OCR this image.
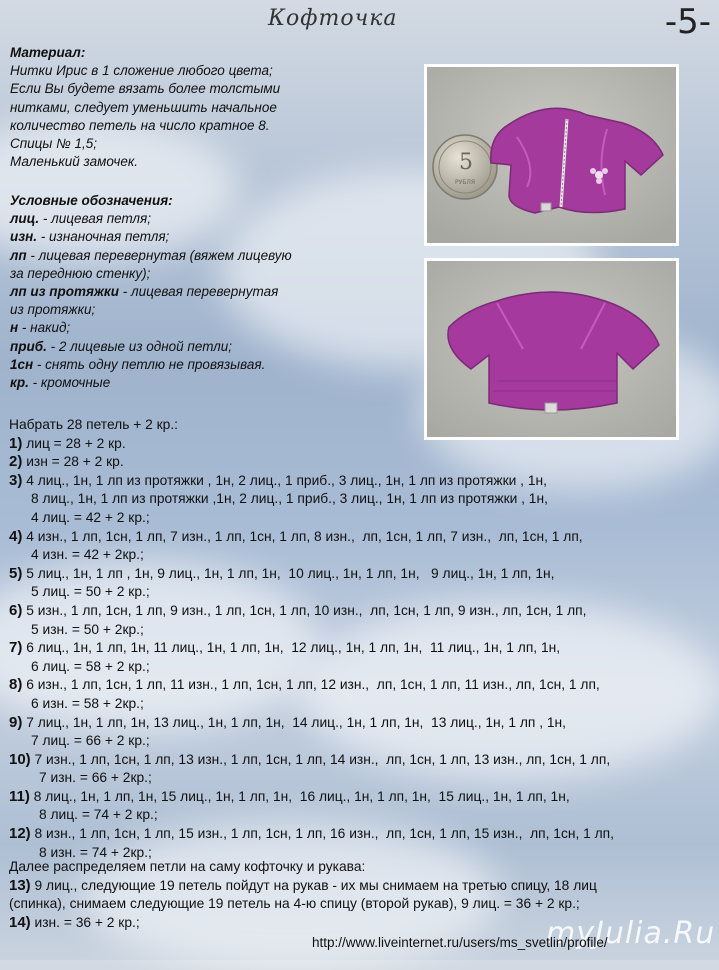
Кофточка	-5-
Материал:
Нитки Ирис в 1 сложение любого цвета;
Если Вы будете вязать более толстыми
нитками, следует уменьшить начальное
количество петель на число кратное 8.
Спицы № 1,5;
Маленький замочек.
Условные обозначения:
лиц. - лицевая петля;
изн. - изнаночная петля;
лп - лицевая перевернутая (вяжем лицевую
за переднюю стенку);
лп из протяжки - лицевая перевернутая
из протяжки;
н - накид;
приб. - 2 лицевые из одной петли;
1сн - снять одну петлю не провязывая.
кр. - кромочные
5
РУБЛЯ
Набрать 28 петель + 2 кр.:
1) лиц = 28 + 2 кр.
2) изн = 28 + 2 кр.
3) 4 лиц., 1н, 1 лп из протяжки , 1н, 2 лиц., 1 приб., 3 лиц., 1н, 1 лп из протяжки , 1н,
8 лиц., 1н, 1 лп из протяжки ,1н, 2 лиц., 1 приб., 3 лиц., 1н, 1 лп из протяжки , 1н,
4 лиц. = 42 + 2 кр.;
4) 4 изн., 1 лп, 1сн, 1 лп, 7 изн., 1 лп, 1сн, 1 лп, 8 изн.,  лп, 1сн, 1 лп, 7 изн.,  лп, 1сн, 1 лп,
4 изн. = 42 + 2кр.;
5) 5 лиц., 1н, 1 лп , 1н, 9 лиц., 1н, 1 лп, 1н,  10 лиц., 1н, 1 лп, 1н,   9 лиц., 1н, 1 лп, 1н,
5 лиц. = 50 + 2 кр.;
6) 5 изн., 1 лп, 1сн, 1 лп, 9 изн., 1 лп, 1сн, 1 лп, 10 изн.,  лп, 1сн, 1 лп, 9 изн., лп, 1сн, 1 лп,
5 изн. = 50 + 2кр.;
7) 6 лиц., 1н, 1 лп, 1н, 11 лиц., 1н, 1 лп, 1н,  12 лиц., 1н, 1 лп, 1н,  11 лиц., 1н, 1 лп, 1н,
6 лиц. = 58 + 2 кр.;
8) 6 изн., 1 лп, 1сн, 1 лп, 11 изн., 1 лп, 1сн, 1 лп, 12 изн.,  лп, 1сн, 1 лп, 11 изн., лп, 1сн, 1 лп,
6 изн. = 58 + 2кр.;
9) 7 лиц., 1н, 1 лп, 1н, 13 лиц., 1н, 1 лп, 1н,  14 лиц., 1н, 1 лп, 1н,  13 лиц., 1н, 1 лп , 1н,
7 лиц. = 66 + 2 кр.;
10) 7 изн., 1 лп, 1сн, 1 лп, 13 изн., 1 лп, 1сн, 1 лп, 14 изн.,  лп, 1сн, 1 лп, 13 изн., лп, 1сн, 1 лп,
7 изн. = 66 + 2кр.;
11) 8 лиц., 1н, 1 лп, 1н, 15 лиц., 1н, 1 лп, 1н,  16 лиц., 1н, 1 лп, 1н,  15 лиц., 1н, 1 лп, 1н,
8 лиц. = 74 + 2 кр.;
12) 8 изн., 1 лп, 1сн, 1 лп, 15 изн., 1 лп, 1сн, 1 лп, 16 изн.,  лп, 1сн, 1 лп, 15 изн.,  лп, 1сн, 1 лп,
8 изн. = 74 + 2кр.;
Далее распределяем петли на саму кофточку и рукава:
13) 9 лиц., следующие 19 петель пойдут на рукав - их мы снимаем на третью спицу, 18 лиц
(спинка), снимаем следующие 19 петель на 4-ю спицу (второй рукав), 9 лиц. = 36 + 2 кр.;
14) изн. = 36 + 2 кр.;	myJulia.Ru
http://www.liveinternet.ru/users/ms_svetlin/profile/
